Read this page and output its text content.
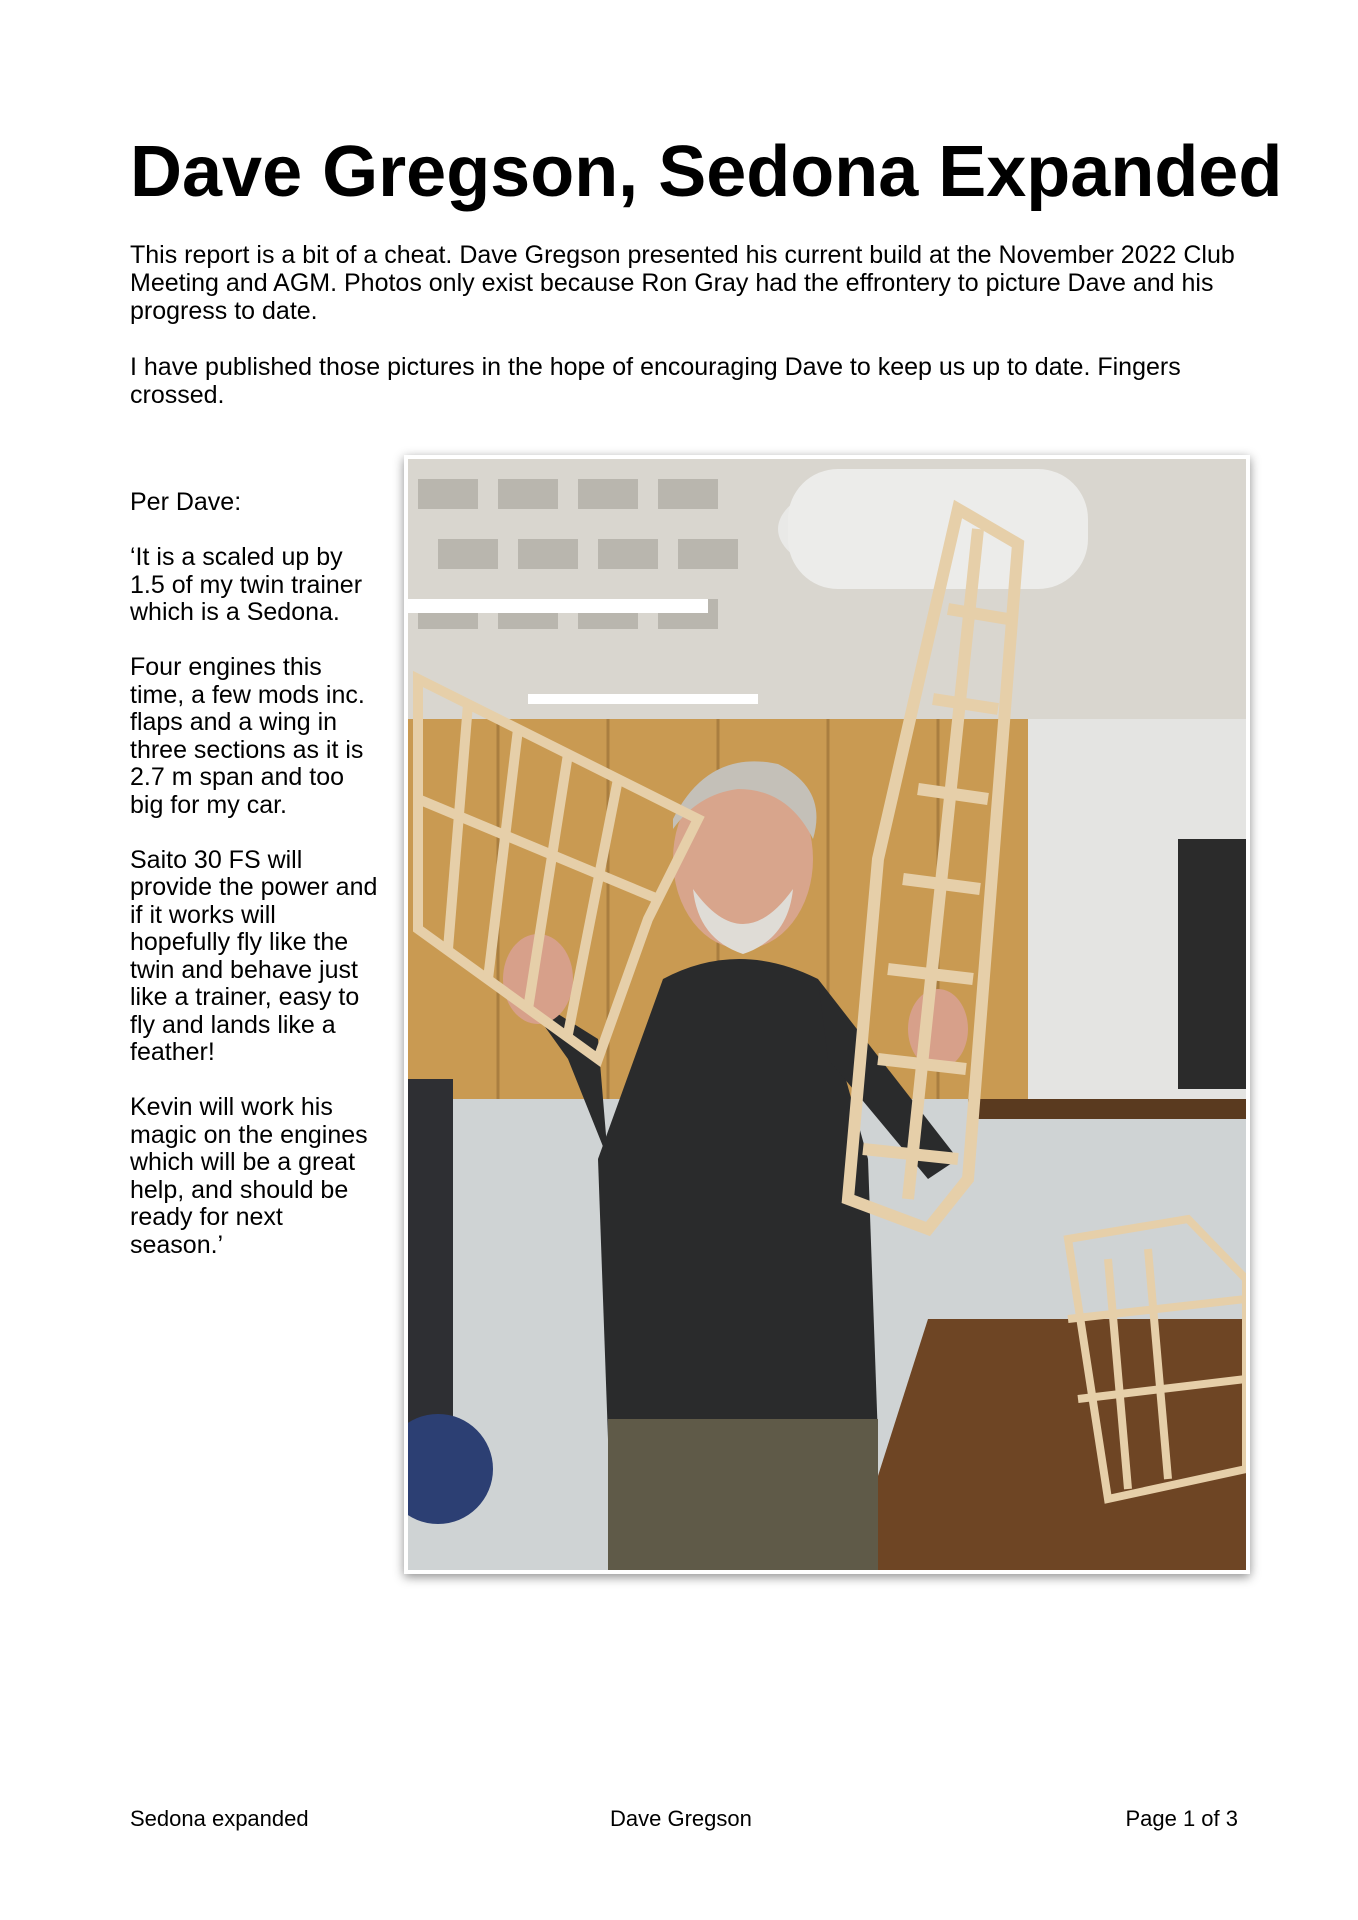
Dave Gregson, Sedona Expanded

This report is a bit of a cheat. Dave Gregson presented his current build at the November 2022 Club Meeting and AGM. Photos only exist because Ron Gray had the effrontery to picture Dave and his progress to date.

I have published those pictures in the hope of encouraging Dave to keep us up to date. Fingers crossed.

Per Dave:

‘It is a scaled up by 1.5 of my twin trainer which is a Sedona.

Four engines this time, a few mods inc. flaps and a wing in three sections as it is 2.7 m span and too big for my car.

Saito 30 FS will provide the power and if it works will hopefully fly like the twin and behave just like a trainer, easy to fly and lands like a feather!

Kevin will work his magic on the engines which will be a great help, and should be ready for next season.’

Sedona expanded	Dave Gregson	Page 1 of 3
